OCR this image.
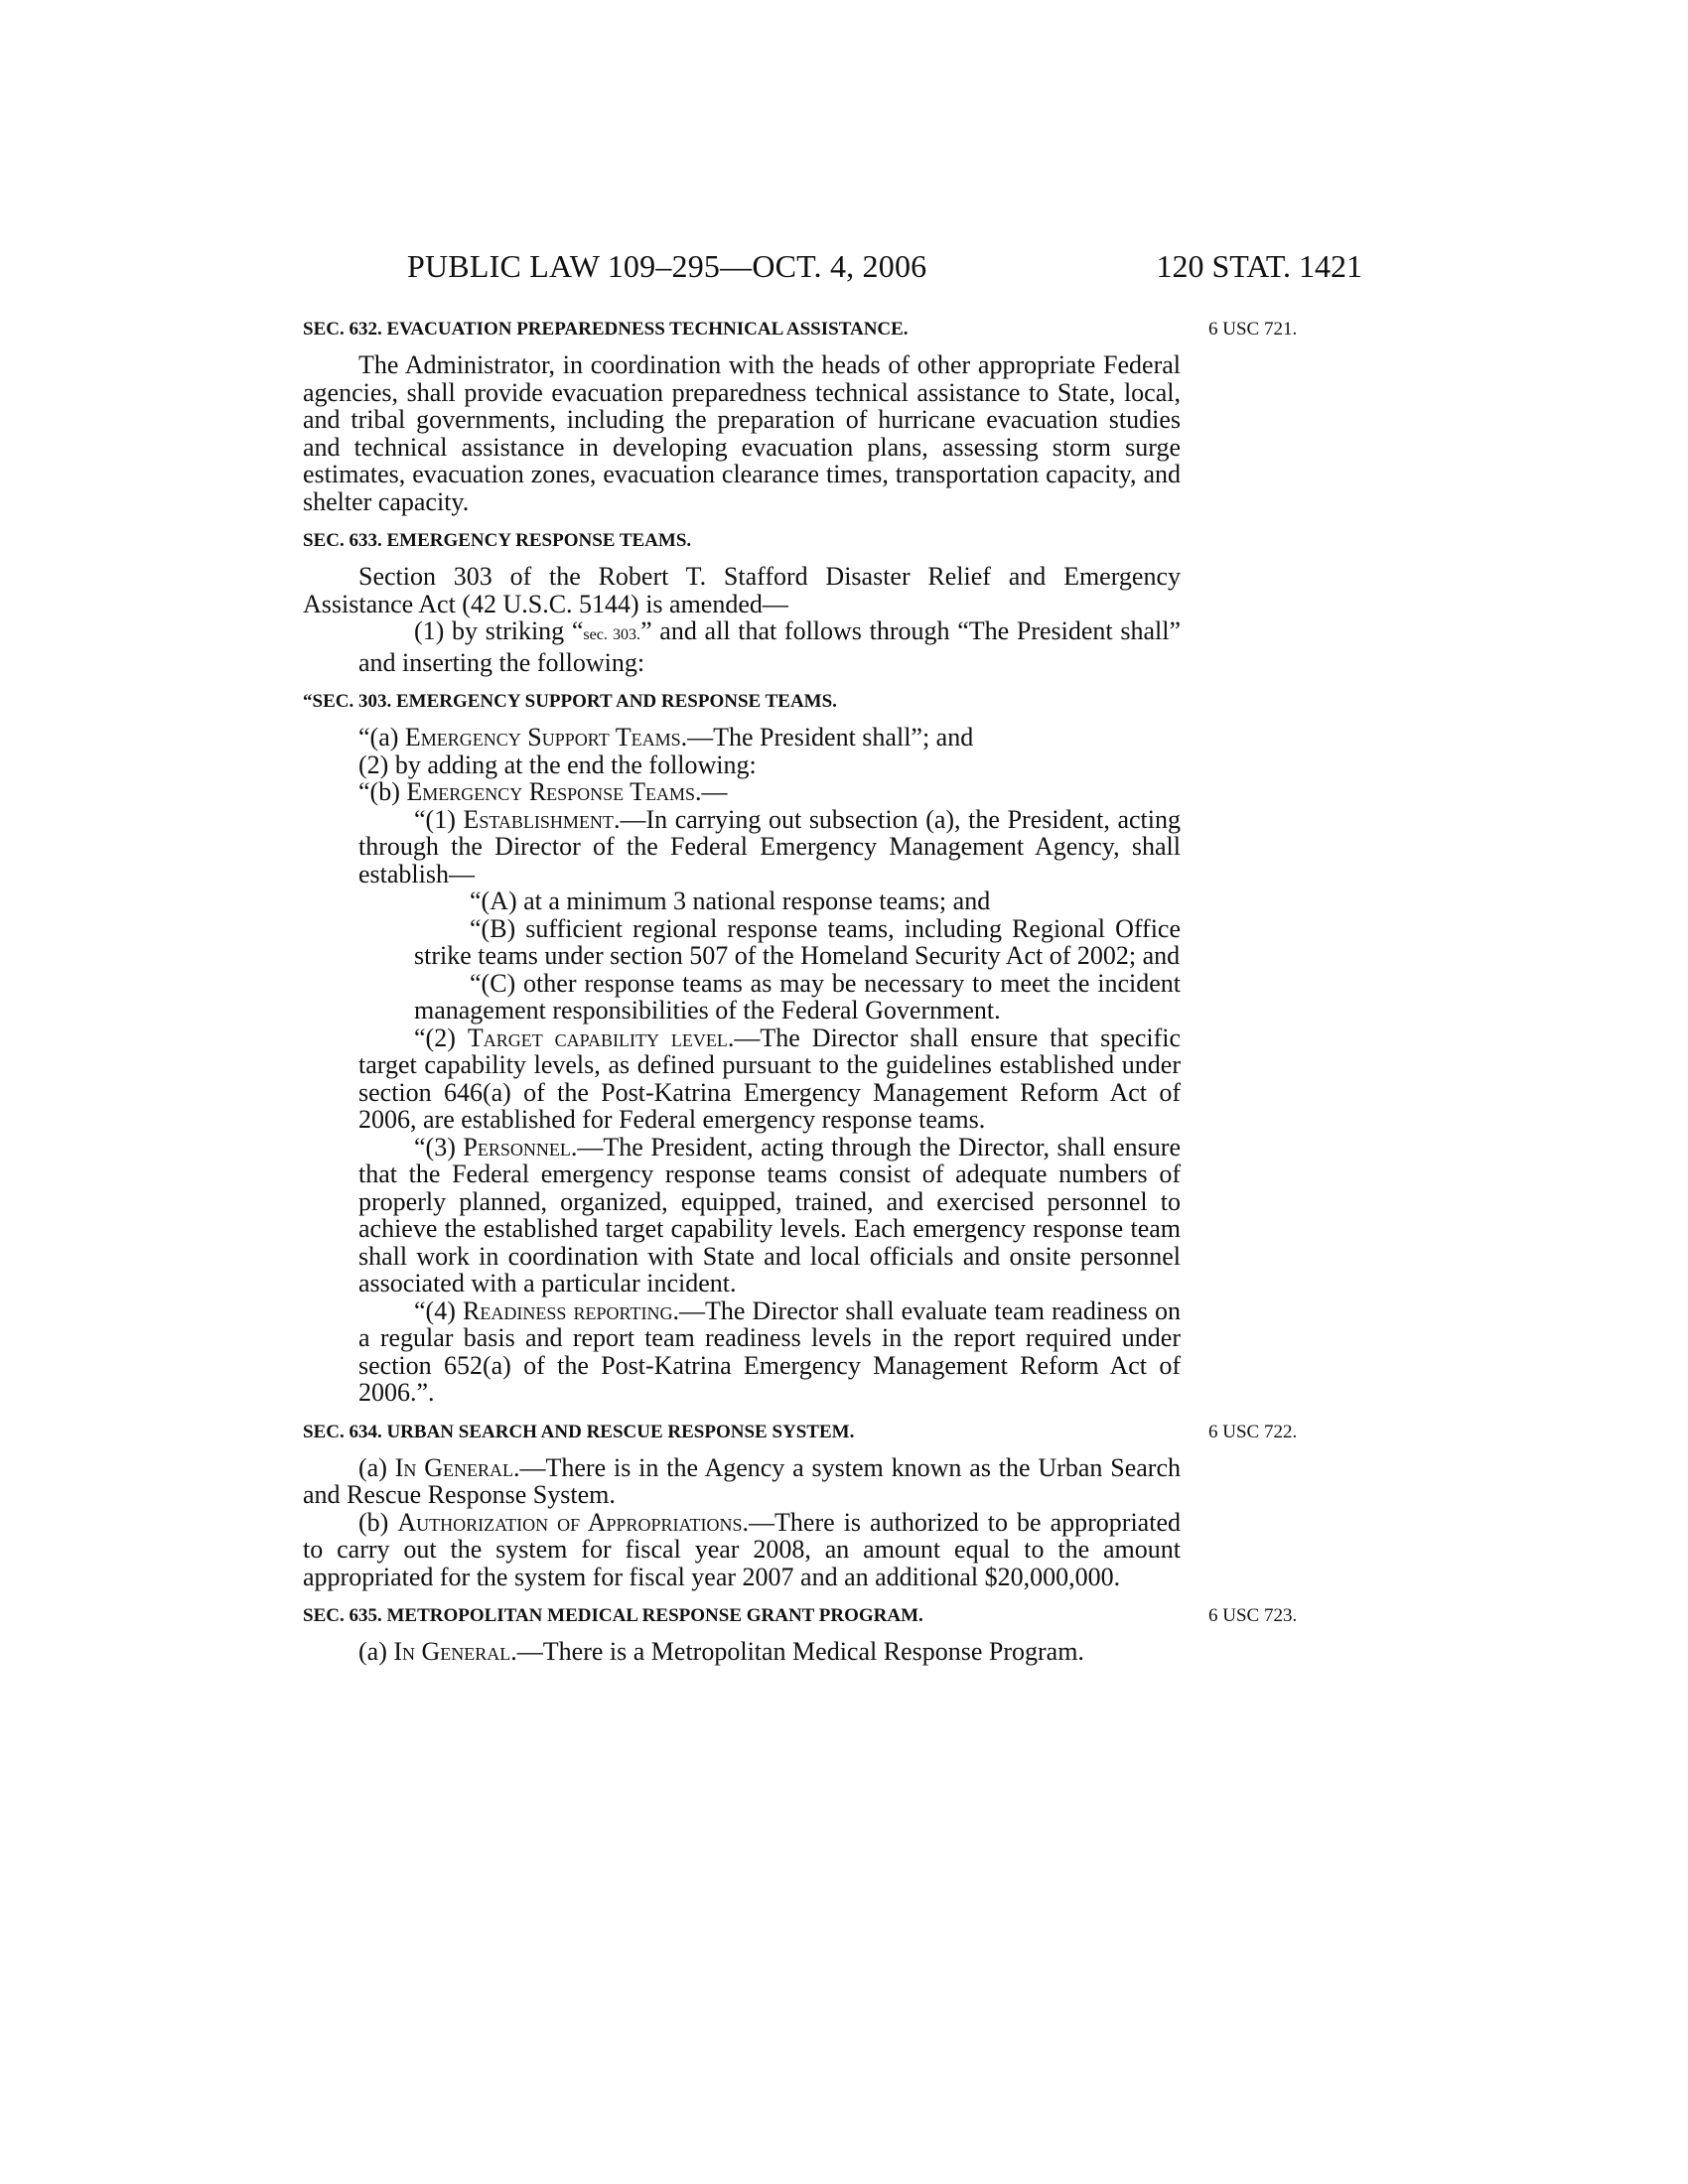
PUBLIC LAW 109–295—OCT. 4, 2006	120 STAT. 1421
SEC. 632. EVACUATION PREPAREDNESS TECHNICAL ASSISTANCE.	6 USC 721.

The Administrator, in coordination with the heads of other appropriate Federal agencies, shall provide evacuation preparedness technical assistance to State, local, and tribal governments, including the preparation of hurricane evacuation studies and technical assistance in developing evacuation plans, assessing storm surge estimates, evacuation zones, evacuation clearance times, transportation capacity, and shelter capacity.

SEC. 633. EMERGENCY RESPONSE TEAMS.

Section 303 of the Robert T. Stafford Disaster Relief and Emergency Assistance Act (42 U.S.C. 5144) is amended—

(1) by striking “sec. 303.” and all that follows through “The President shall” and inserting the following:

“SEC. 303. EMERGENCY SUPPORT AND RESPONSE TEAMS.

“(a) Emergency Support Teams.—The President shall”; and

(2) by adding at the end the following:

“(b) Emergency Response Teams.—

“(1) Establishment.—In carrying out subsection (a), the President, acting through the Director of the Federal Emergency Management Agency, shall establish—

“(A) at a minimum 3 national response teams; and

“(B) sufficient regional response teams, including Regional Office strike teams under section 507 of the Homeland Security Act of 2002; and

“(C) other response teams as may be necessary to meet the incident management responsibilities of the Federal Government.

“(2) Target capability level.—The Director shall ensure that specific target capability levels, as defined pursuant to the guidelines established under section 646(a) of the Post-Katrina Emergency Management Reform Act of 2006, are established for Federal emergency response teams.

“(3) Personnel.—The President, acting through the Director, shall ensure that the Federal emergency response teams consist of adequate numbers of properly planned, organized, equipped, trained, and exercised personnel to achieve the established target capability levels. Each emergency response team shall work in coordination with State and local officials and onsite personnel associated with a particular incident.

“(4) Readiness reporting.—The Director shall evaluate team readiness on a regular basis and report team readiness levels in the report required under section 652(a) of the Post-Katrina Emergency Management Reform Act of 2006.”.

SEC. 634. URBAN SEARCH AND RESCUE RESPONSE SYSTEM.	6 USC 722.

(a) In General.—There is in the Agency a system known as the Urban Search and Rescue Response System.

(b) Authorization of Appropriations.—There is authorized to be appropriated to carry out the system for fiscal year 2008, an amount equal to the amount appropriated for the system for fiscal year 2007 and an additional $20,000,000.

SEC. 635. METROPOLITAN MEDICAL RESPONSE GRANT PROGRAM.	6 USC 723.

(a) In General.—There is a Metropolitan Medical Response Program.
